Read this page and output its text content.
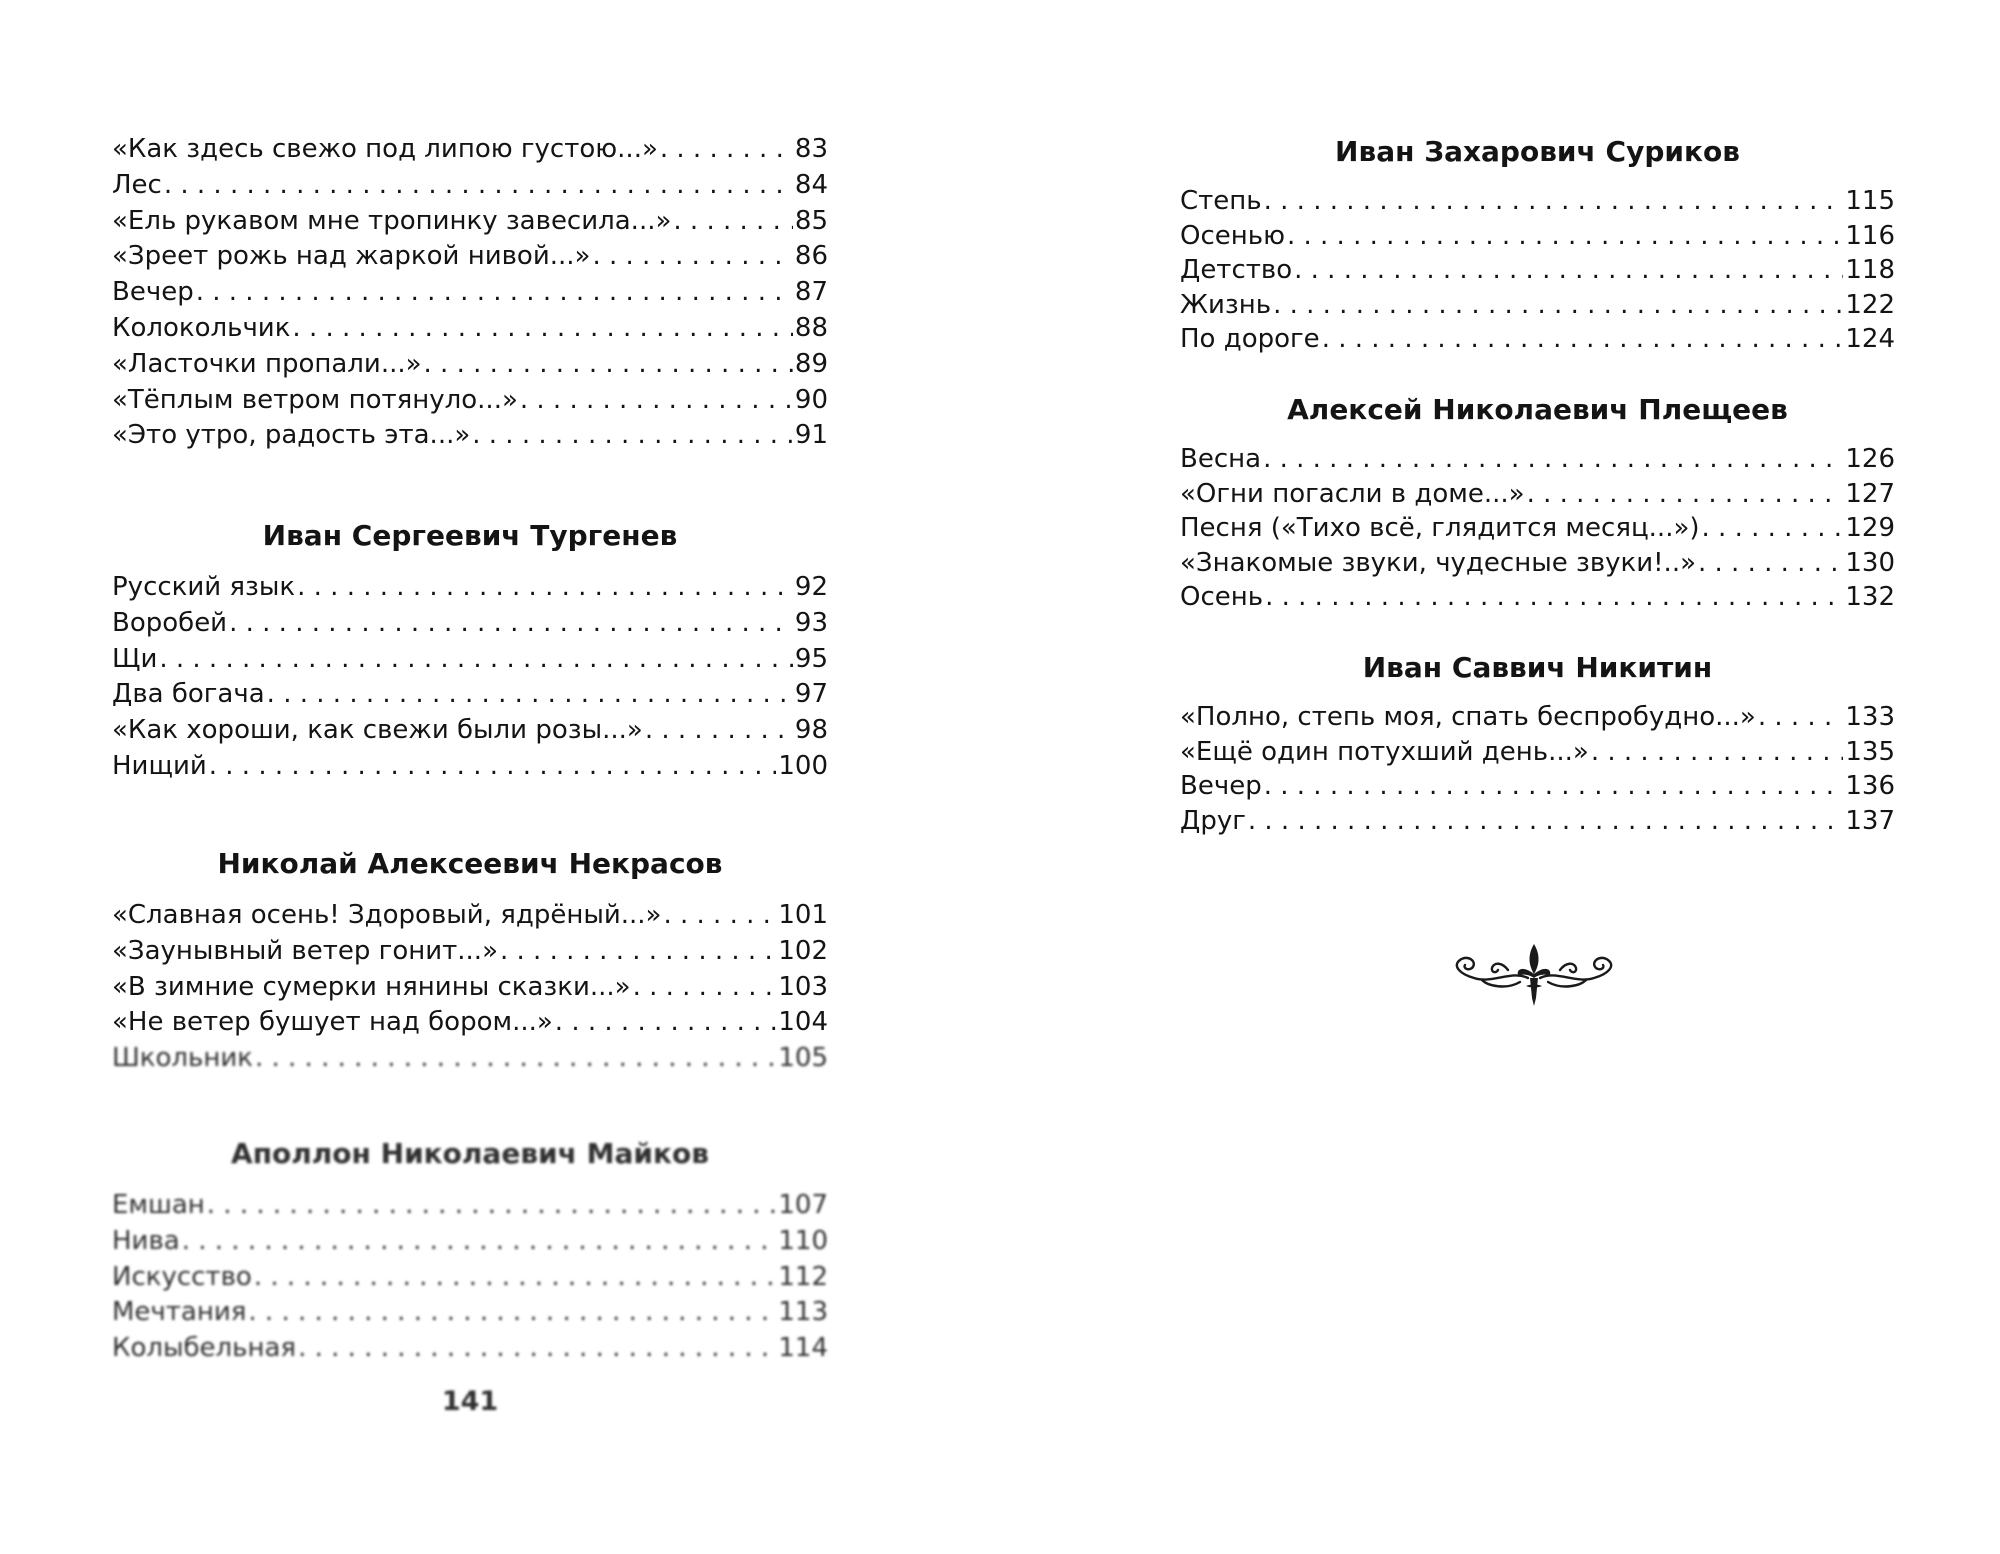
«Как здесь свежо под липою густою...» . . .	83
Лес . . .	84
«Ель рукавом мне тропинку завесила...» . . .	85
«Зреет рожь над жаркой нивой...» . . .	86
Вечер . . .	87
Колокольчик . . .	88
«Ласточки пропали...» . . .	89
«Тёплым ветром потянуло...» . . .	90
«Это утро, радость эта...» . . .	91
Иван Сергеевич Тургенев
Русский язык . . .	92
Воробей . . .	93
Щи . . .	95
Два богача . . .	97
«Как хороши, как свежи были розы...» . . .	98
Нищий . . .	100
Николай Алексеевич Некрасов
«Славная осень! Здоровый, ядрёный...» . . .	101
«Заунывный ветер гонит...» . . .	102
«В зимние сумерки нянины сказки...» . . .	103
«Не ветер бушует над бором...» . . .	104
Школьник . . .	105
Аполлон Николаевич Майков
Емшан . . .	107
Нива . . .	110
Искусство . . .	112
Мечтания . . .	113
Колыбельная . . .	114
141
Иван Захарович Суриков
Степь . . .	115
Осенью . . .	116
Детство . . .	118
Жизнь . . .	122
По дороге . . .	124
Алексей Николаевич Плещеев
Весна . . .	126
«Огни погасли в доме...» . . .	127
Песня («Тихо всё, глядится месяц...») . . .	129
«Знакомые звуки, чудесные звуки!..» . . .	130
Осень . . .	132
Иван Саввич Никитин
«Полно, степь моя, спать беспробудно...» . . .	133
«Ещё один потухший день...» . . .	135
Вечер . . .	136
Друг . . .	137
